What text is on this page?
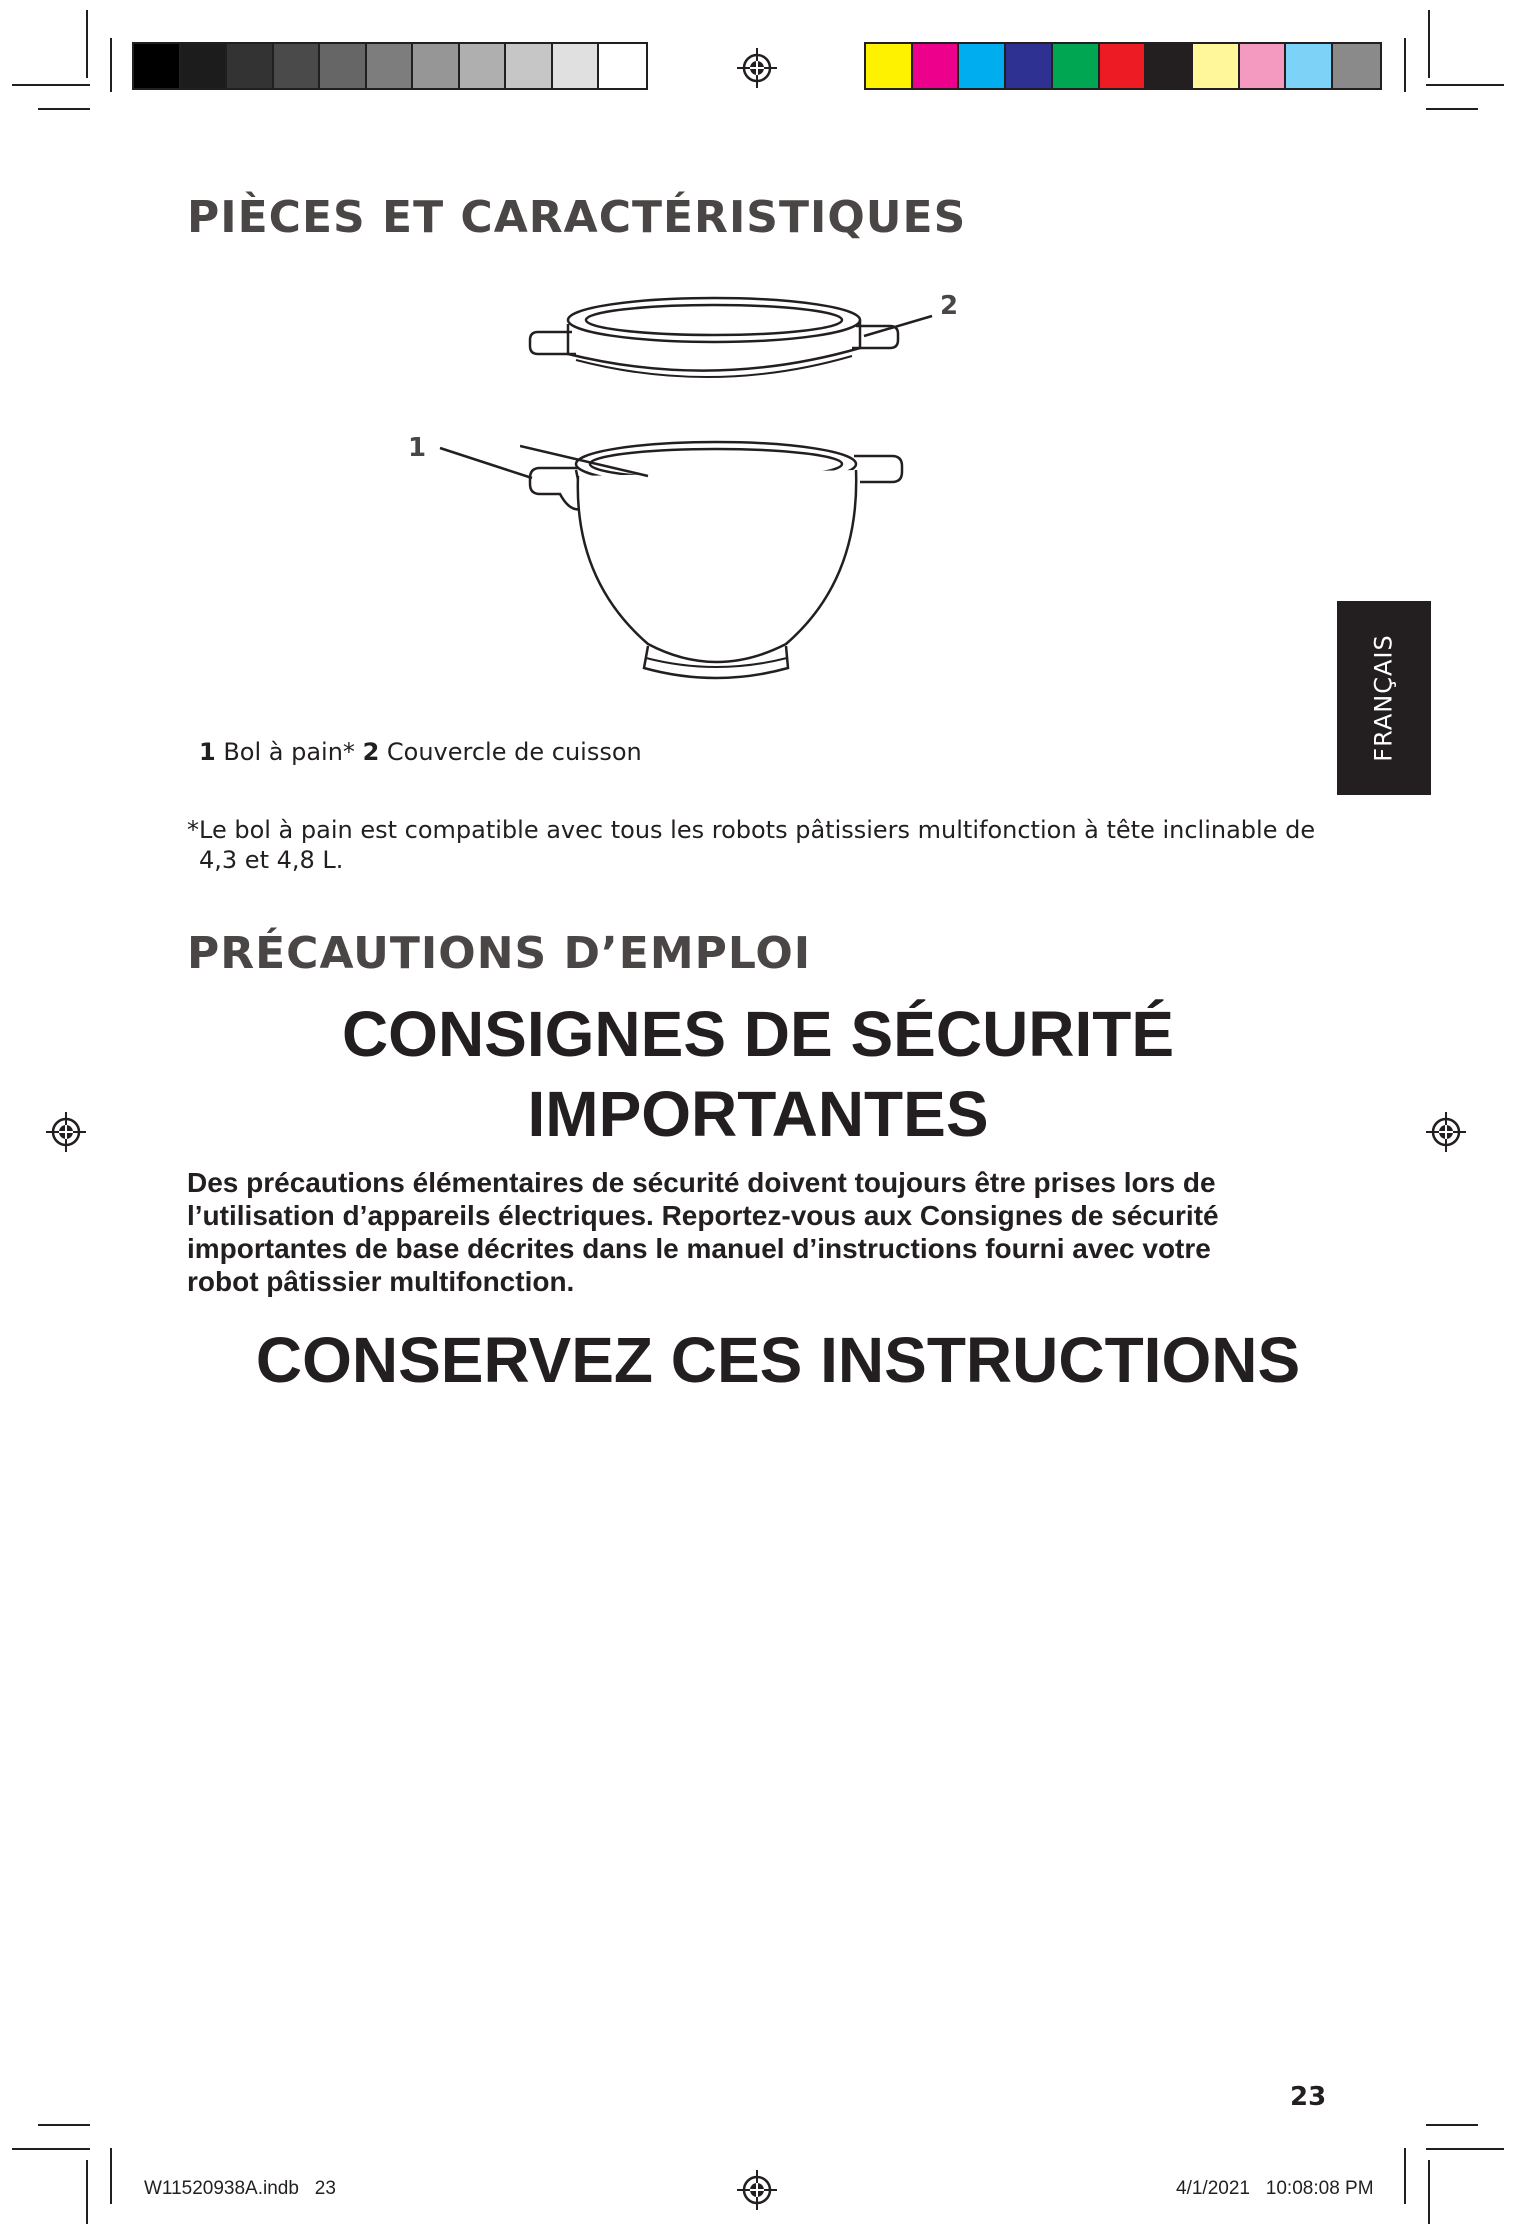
PIÈCES ET CARACTÉRISTIQUES
2
1
1 Bol à pain* 2 Couvercle de cuisson
*Le bol à pain est compatible avec tous les robots pâtissiers multifonction à tête inclinable de
4,3 et 4,8 L.
PRÉCAUTIONS D’EMPLOI
CONSIGNES DE SÉCURITÉ
IMPORTANTES
Des précautions élémentaires de sécurité doivent toujours être prises lors de
l’utilisation d’appareils électriques. Reportez-vous aux Consignes de sécurité
importantes de base décrites dans le manuel d’instructions fourni avec votre
robot pâtissier multifonction.
CONSERVEZ CES INSTRUCTIONS
FRANÇAIS
23
W11520938A.indb   23	4/1/2021   10:08:08 PM
